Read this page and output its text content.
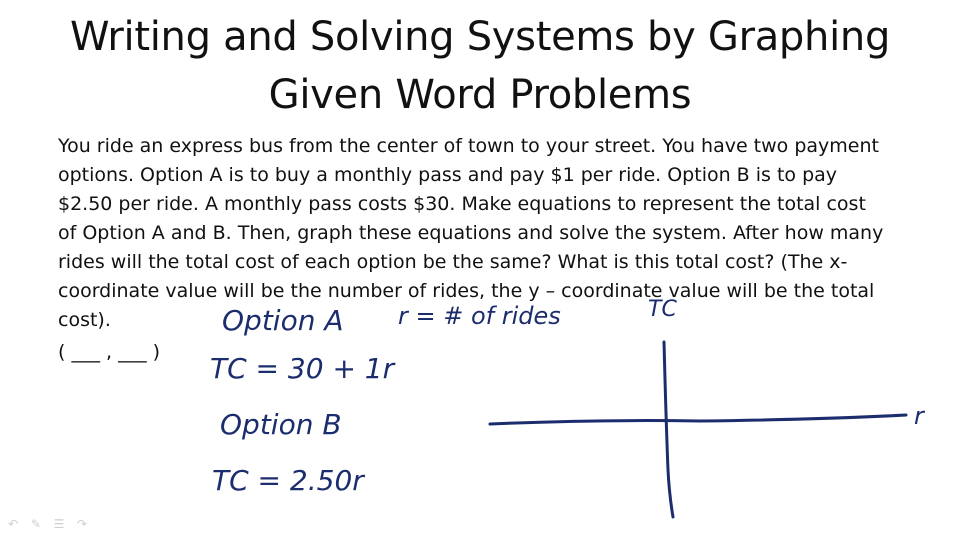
Writing and Solving Systems by Graphing
Given Word Problems
You ride an express bus from the center of town to your street. You have two payment
options. Option A is to buy a monthly pass and pay $1 per ride. Option B is to pay
$2.50 per ride. A monthly pass costs $30. Make equations to represent the total cost
of Option A and B. Then, graph these equations and solve the system. After how many
rides will the total cost of each option be the same? What is this total cost? (The x-
coordinate value will be the number of rides, the y – coordinate value will be the total
cost).
( ___ , ___ )
Option A r = # of rides
TC = 30 + 1r
Option B
TC = 2.50r
TC
r
↶	✎	☰	↷
